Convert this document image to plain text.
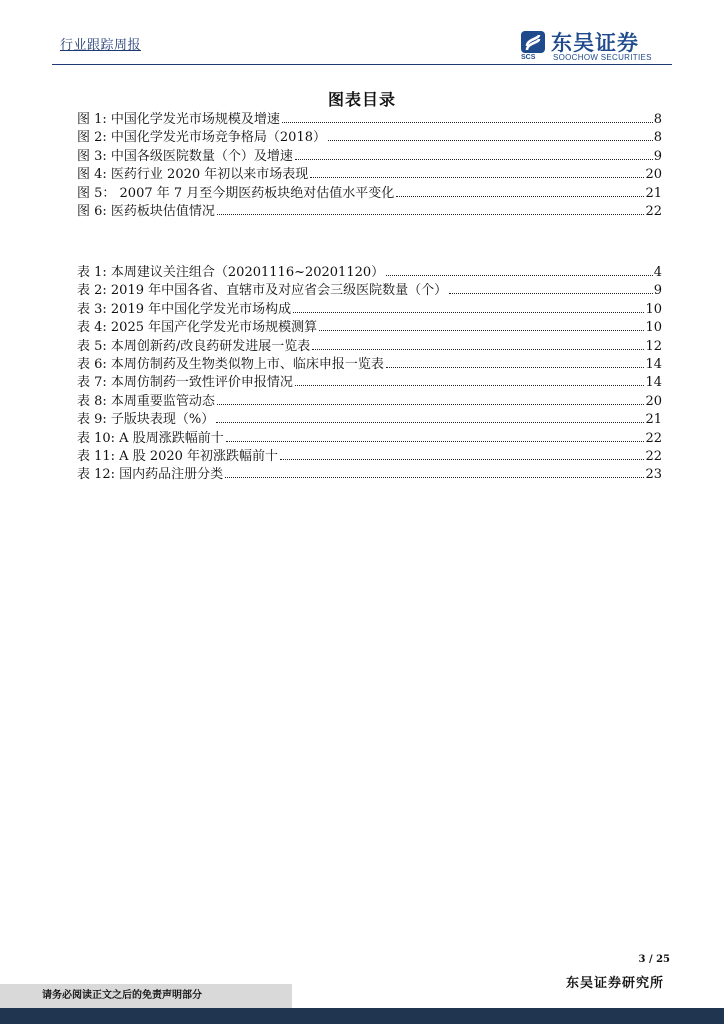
行业跟踪周报
SCS
东吴证券
SOOCHOW SECURITIES
图表目录
图 1: 中国化学发光市场规模及增速	8
图 2: 中国化学发光市场竞争格局（2018）	8
图 3: 中国各级医院数量（个）及增速	9
图 4: 医药行业 2020 年初以来市场表现	20
图 5： 2007 年 7 月至今期医药板块绝对估值水平变化	21
图 6: 医药板块估值情况	22
表 1: 本周建议关注组合（20201116~20201120）	4
表 2: 2019 年中国各省、直辖市及对应省会三级医院数量（个）	9
表 3: 2019 年中国化学发光市场构成	10
表 4: 2025 年国产化学发光市场规模测算	10
表 5: 本周创新药/改良药研发进展一览表	12
表 6: 本周仿制药及生物类似物上市、临床申报一览表	14
表 7: 本周仿制药一致性评价申报情况	14
表 8: 本周重要监管动态	20
表 9: 子版块表现（%）	21
表 10: A 股周涨跌幅前十	22
表 11: A 股 2020 年初涨跌幅前十	22
表 12: 国内药品注册分类	23
3 / 25
东吴证券研究所
请务必阅读正文之后的免责声明部分
